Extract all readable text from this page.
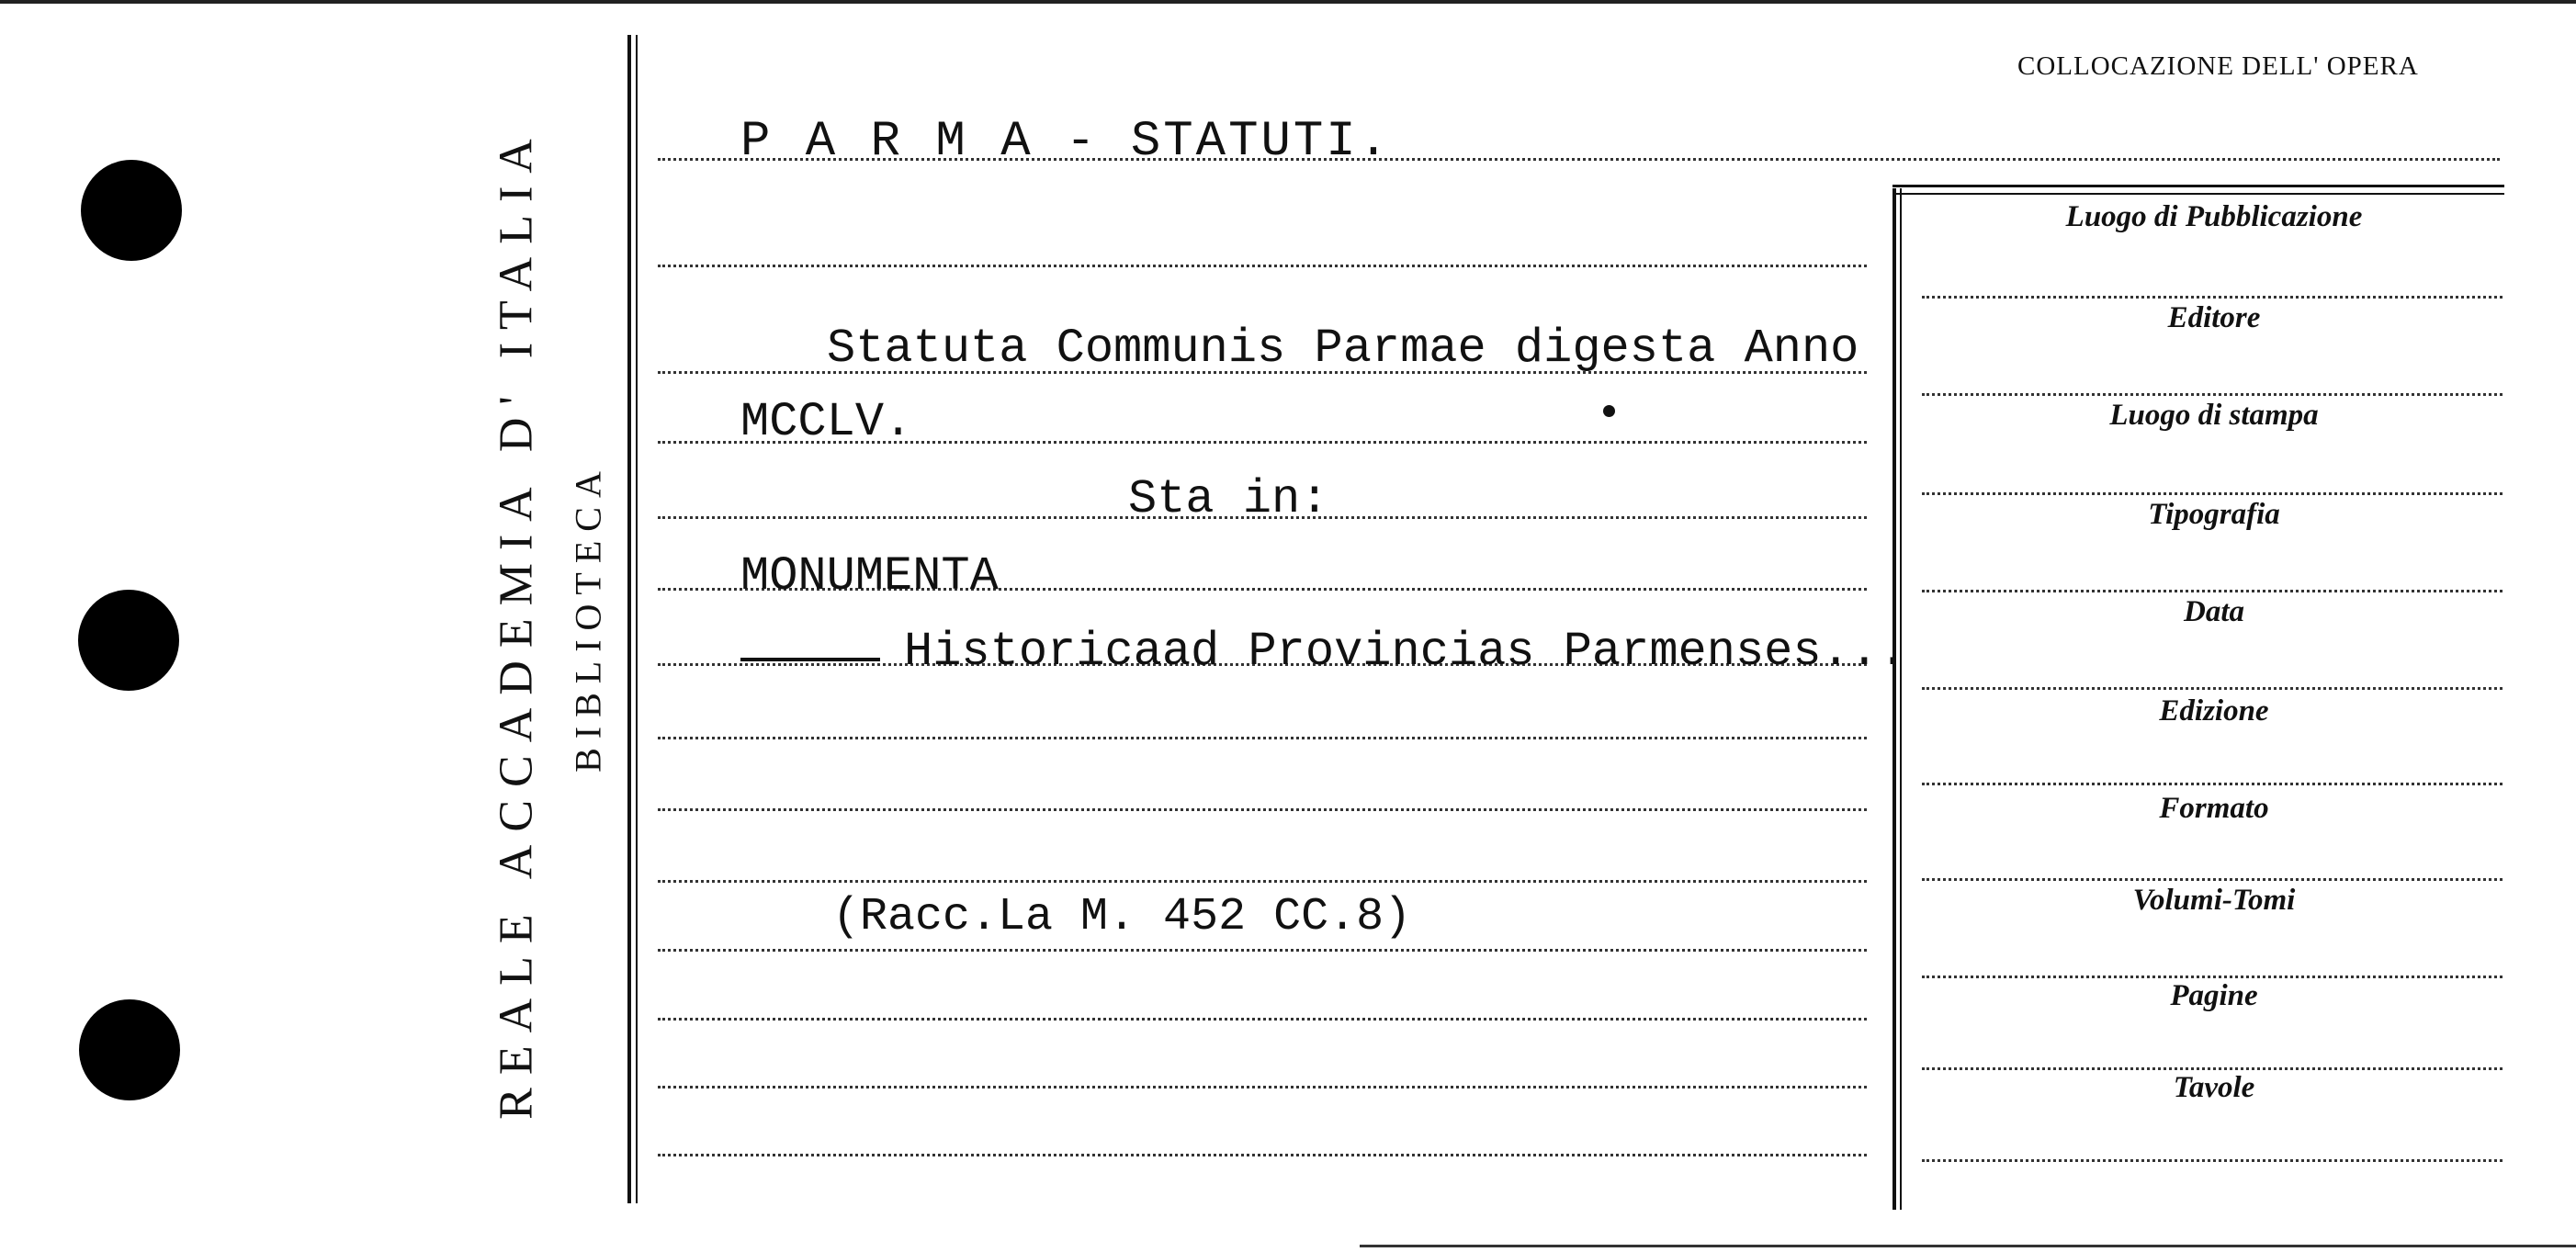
REALE ACCADEMIA D' ITALIA BIBLIOTECA
COLLOCAZIONE DELL' OPERA
P A R M A - STATUTI.
Statuta Communis Parmae digesta Anno
MCCLV.
Sta in:
MONUMENTA
Historicaad Provincias Parmenses...
(Racc.La M. 452 CC.8)
Luogo di Pubblicazione
Editore
Luogo di stampa
Tipografia
Data
Edizione
Formato
Volumi-Tomi
Pagine
Tavole
